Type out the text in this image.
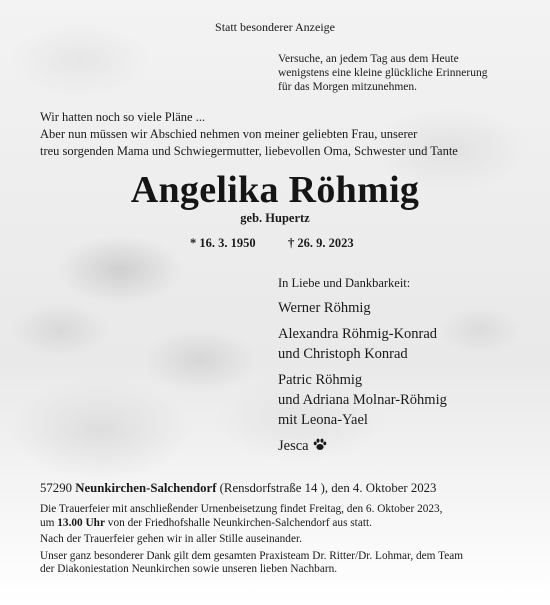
Statt besonderer Anzeige
Versuche, an jedem Tag aus dem Heute
wenigstens eine kleine glückliche Erinnerung
für das Morgen mitzunehmen.
Wir hatten noch so viele Pläne ...
Aber nun müssen wir Abschied nehmen von meiner geliebten Frau, unserer
treu sorgenden Mama und Schwiegermutter, liebevollen Oma, Schwester und Tante
Angelika Röhmig
geb. Hupertz
* 16. 3. 1950	† 26. 9. 2023
In Liebe und Dankbarkeit:
Werner Röhmig
Alexandra Röhmig-Konrad
und Christoph Konrad
Patric Röhmig
und Adriana Molnar-Röhmig
mit Leona-Yael
Jesca
57290 Neunkirchen-Salchendorf (Rensdorfstraße 14 ), den 4. Oktober 2023

Die Trauerfeier mit anschließender Urnenbeisetzung findet Freitag, den 6. Oktober 2023,
um 13.00 Uhr von der Friedhofshalle Neunkirchen-Salchendorf aus statt.

Nach der Trauerfeier gehen wir in aller Stille auseinander.

Unser ganz besonderer Dank gilt dem gesamten Praxisteam Dr. Ritter/Dr. Lohmar, dem Team
der Diakoniestation Neunkirchen sowie unseren lieben Nachbarn.
